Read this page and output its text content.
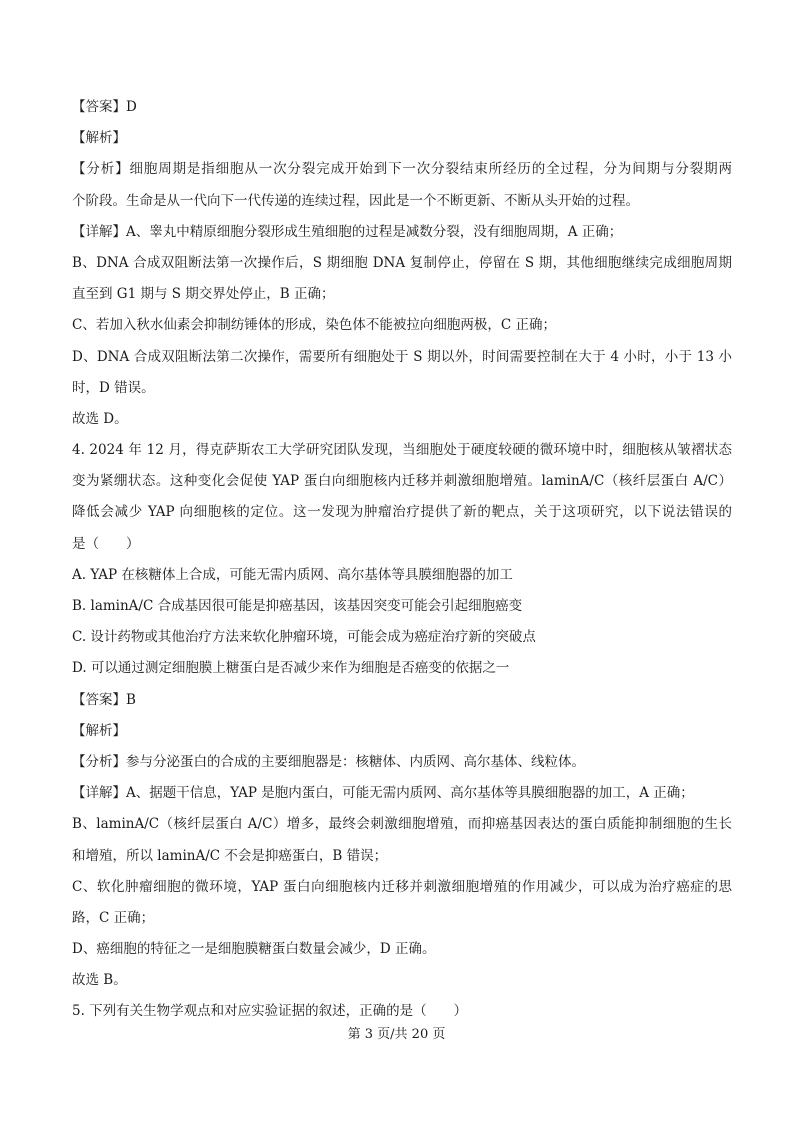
【答案】D
【解析】
【分析】细胞周期是指细胞从一次分裂完成开始到下一次分裂结束所经历的全过程，分为间期与分裂期两
个阶段。生命是从一代向下一代传递的连续过程，因此是一个不断更新、不断从头开始的过程。
【详解】A、睾丸中精原细胞分裂形成生殖细胞的过程是减数分裂，没有细胞周期，A 正确；
B、DNA 合成双阻断法第一次操作后，S 期细胞 DNA 复制停止，停留在 S 期，其他细胞继续完成细胞周期
直至到 G1 期与 S 期交界处停止，B 正确；
C、若加入秋水仙素会抑制纺锤体的形成，染色体不能被拉向细胞两极，C 正确；
D、DNA 合成双阻断法第二次操作，需要所有细胞处于 S 期以外，时间需要控制在大于 4 小时，小于 13 小
时，D 错误。
故选 D。
4. 2024 年 12 月，得克萨斯农工大学研究团队发现，当细胞处于硬度较硬的微环境中时，细胞核从皱褶状态
变为紧绷状态。这种变化会促使 YAP 蛋白向细胞核内迁移并刺激细胞增殖。laminA/C（核纤层蛋白 A/C）
降低会减少 YAP 向细胞核的定位。这一发现为肿瘤治疗提供了新的靶点，关于这项研究，以下说法错误的
是（　　）
A. YAP 在核糖体上合成，可能无需内质网、高尔基体等具膜细胞器的加工
B. laminA/C 合成基因很可能是抑癌基因，该基因突变可能会引起细胞癌变
C. 设计药物或其他治疗方法来软化肿瘤环境，可能会成为癌症治疗新的突破点
D. 可以通过测定细胞膜上糖蛋白是否减少来作为细胞是否癌变的依据之一
【答案】B
【解析】
【分析】参与分泌蛋白的合成的主要细胞器是：核糖体、内质网、高尔基体、线粒体。
【详解】A、据题干信息，YAP 是胞内蛋白，可能无需内质网、高尔基体等具膜细胞器的加工，A 正确；
B、laminA/C（核纤层蛋白 A/C）增多，最终会刺激细胞增殖，而抑癌基因表达的蛋白质能抑制细胞的生长
和增殖，所以 laminA/C 不会是抑癌蛋白，B 错误；
C、软化肿瘤细胞的微环境，YAP 蛋白向细胞核内迁移并刺激细胞增殖的作用减少，可以成为治疗癌症的思
路，C 正确；
D、癌细胞的特征之一是细胞膜糖蛋白数量会减少，D 正确。
故选 B。
5. 下列有关生物学观点和对应实验证据的叙述，正确的是（　　）
第 3 页/共 20 页
